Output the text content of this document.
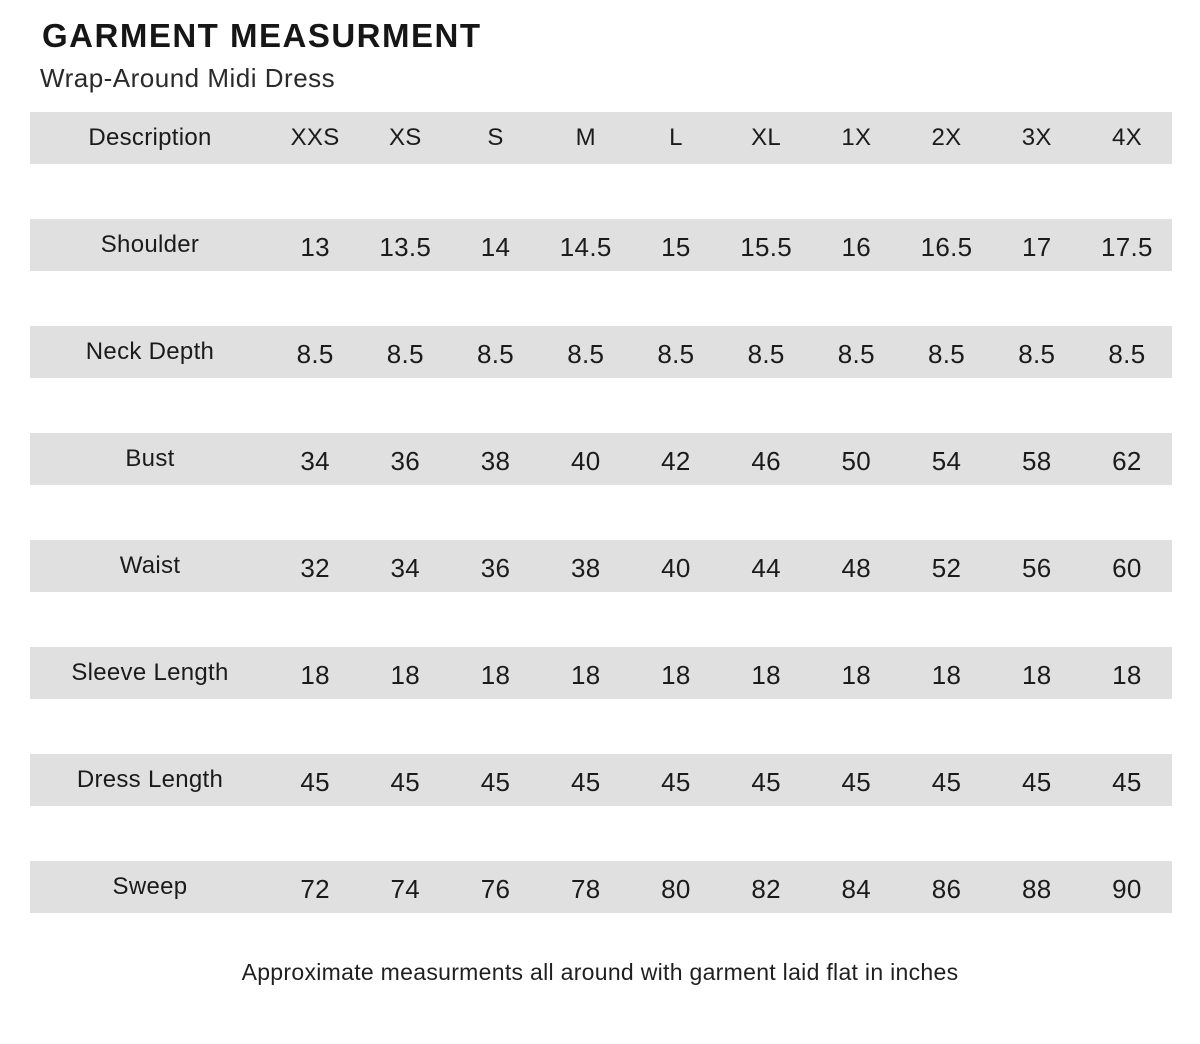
GARMENT MEASURMENT
Wrap-Around Midi Dress
Description	XXS	XS	S	M	L	XL	1X	2X	3X	4X
Shoulder	13	13.5	14	14.5	15	15.5	16	16.5	17	17.5
Neck Depth	8.5	8.5	8.5	8.5	8.5	8.5	8.5	8.5	8.5	8.5
Bust	34	36	38	40	42	46	50	54	58	62
Waist	32	34	36	38	40	44	48	52	56	60
Sleeve Length	18	18	18	18	18	18	18	18	18	18
Dress Length	45	45	45	45	45	45	45	45	45	45
Sweep	72	74	76	78	80	82	84	86	88	90
Approximate measurments all around with garment laid flat in inches
